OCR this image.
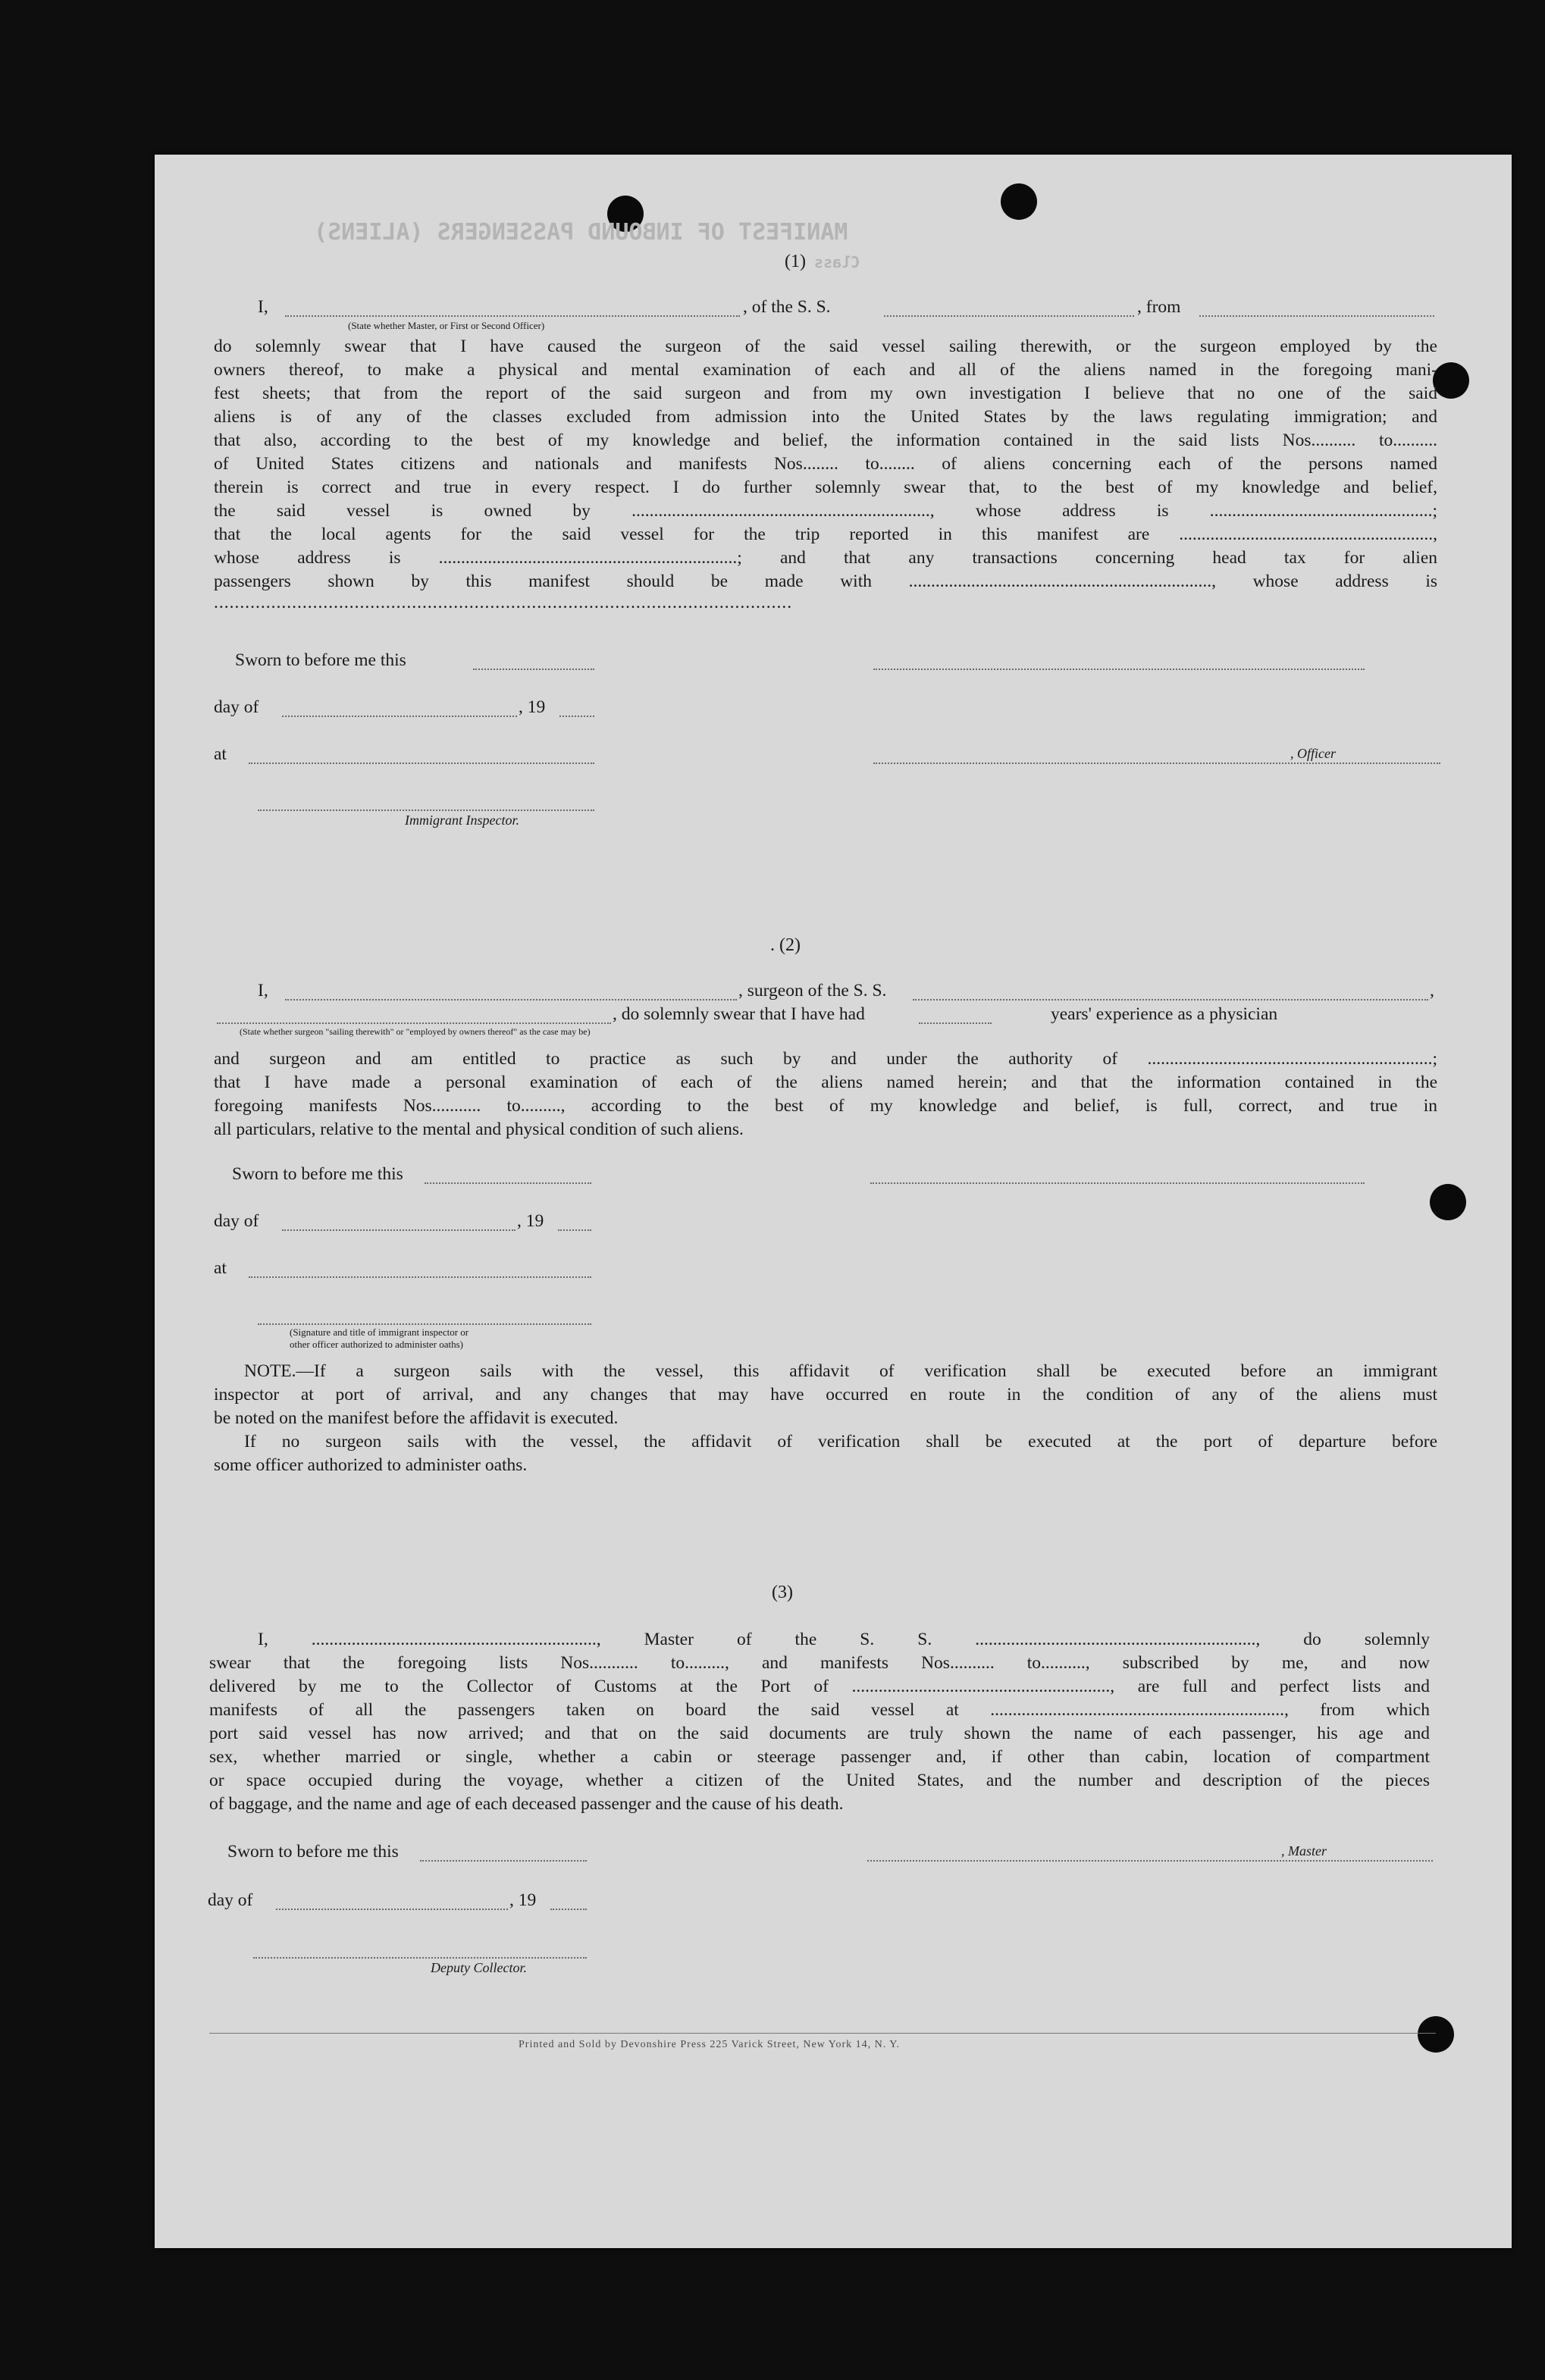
MANIFEST OF INBOUND PASSENGERS (ALIENS)
Class
(1)
I,	, of the S. S.	, from
(State whether Master, or First or Second Officer)
do solemnly swear that I have caused the surgeon of the said vessel sailing therewith, or the surgeon employed by the
owners thereof, to make a physical and mental examination of each and all of the aliens named in the foregoing mani-
fest sheets; that from the report of the said surgeon and from my own investigation I believe that no one of the said
aliens is of any of the classes excluded from admission into the United States by the laws regulating immigration; and
that also, according to the best of my knowledge and belief, the information contained in the said lists Nos.......... to..........
of United States citizens and nationals and manifests Nos........ to........ of aliens concerning each of the persons named
therein is correct and true in every respect. I do further solemnly swear that, to the best of my knowledge and belief,
the said vessel is owned by ..................................................................., whose address is ..................................................;
that the local agents for the said vessel for the trip reported in this manifest are .........................................................,
whose address is ...................................................................; and that any transactions concerning head tax for alien
passengers shown by this manifest should be made with ...................................................................., whose address is
...............................................................................................................
Sworn to before me this
day of	, 19
at	, Officer
Immigrant Inspector.
. (2)
I,	, surgeon of the S. S.	,
, do solemnly swear that I have had	years' experience as a physician
(State whether surgeon "sailing therewith" or "employed by owners thereof" as the case may be)
and surgeon and am entitled to practice as such by and under the authority of ................................................................;
that I have made a personal examination of each of the aliens named herein; and that the information contained in the
foregoing manifests Nos........... to........., according to the best of my knowledge and belief, is full, correct, and true in
all particulars, relative to the mental and physical condition of such aliens.
Sworn to before me this
day of	, 19
at
(Signature and title of immigrant inspector or
other officer authorized to administer oaths)
NOTE.—If a surgeon sails with the vessel, this affidavit of verification shall be executed before an immigrant
inspector at port of arrival, and any changes that may have occurred en route in the condition of any of the aliens must
be noted on the manifest before the affidavit is executed.
If no surgeon sails with the vessel, the affidavit of verification shall be executed at the port of departure before
some officer authorized to administer oaths.
(3)
I, ................................................................, Master of the S. S. ..............................................................., do solemnly
swear that the foregoing lists Nos........... to........., and manifests Nos.......... to.........., subscribed by me, and now
delivered by me to the Collector of Customs at the Port of .........................................................., are full and perfect lists and
manifests of all the passengers taken on board the said vessel at .................................................................., from which
port said vessel has now arrived; and that on the said documents are truly shown the name of each passenger, his age and
sex, whether married or single, whether a cabin or steerage passenger and, if other than cabin, location of compartment
or space occupied during the voyage, whether a citizen of the United States, and the number and description of the pieces
of baggage, and the name and age of each deceased passenger and the cause of his death.
Sworn to before me this	, Master
day of	, 19
Deputy Collector.
Printed and Sold by Devonshire Press 225 Varick Street, New York 14, N. Y.
